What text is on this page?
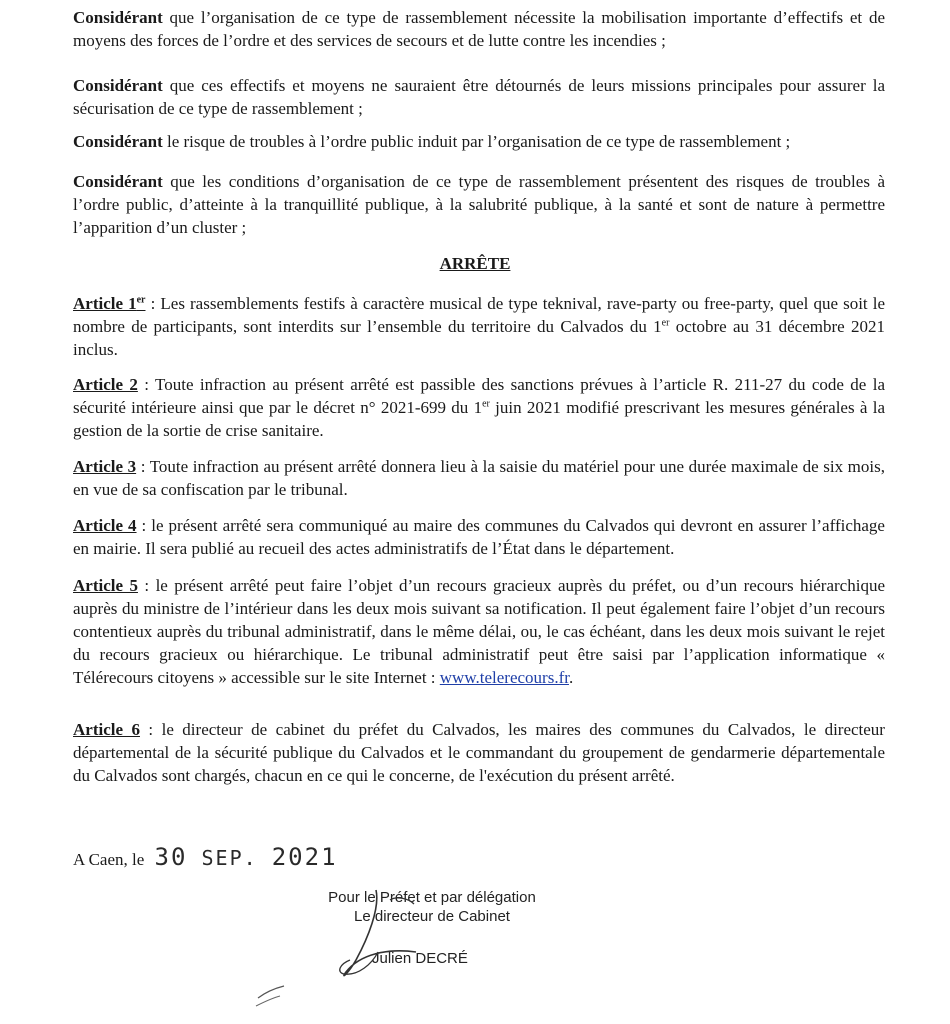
Considérant que l’organisation de ce type de rassemblement nécessite la mobilisation importante d’effectifs et de moyens des forces de l’ordre et des services de secours et de lutte contre les incendies ;

Considérant que ces effectifs et moyens ne sauraient être détournés de leurs missions principales pour assurer la sécurisation de ce type de rassemblement ;

Considérant le risque de troubles à l’ordre public induit par l’organisation de ce type de rassemblement ;

Considérant que les conditions d’organisation de ce type de rassemblement présentent des risques de troubles à l’ordre public, d’atteinte à la tranquillité publique, à la salubrité publique, à la santé et sont de nature à permettre l’apparition d’un cluster ;

ARRÊTE

Article 1er : Les rassemblements festifs à caractère musical de type teknival, rave-party ou free-party, quel que soit le nombre de participants, sont interdits sur l’ensemble du territoire du Calvados du 1er octobre au 31 décembre 2021 inclus.

Article 2 : Toute infraction au présent arrêté est passible des sanctions prévues à l’article R. 211-27 du code de la sécurité intérieure ainsi que par le décret n° 2021-699 du 1er juin 2021 modifié prescrivant les mesures générales à la gestion de la sortie de crise sanitaire.

Article 3 : Toute infraction au présent arrêté donnera lieu à la saisie du matériel pour une durée maximale de six mois, en vue de sa confiscation par le tribunal.

Article 4 : le présent arrêté sera communiqué au maire des communes du Calvados qui devront en assurer l’affichage en mairie. Il sera publié au recueil des actes administratifs de l’État dans le département.

Article 5 : le présent arrêté peut faire l’objet d’un recours gracieux auprès du préfet, ou d’un recours hiérarchique auprès du ministre de l’intérieur dans les deux mois suivant sa notification. Il peut également faire l’objet d’un recours contentieux auprès du tribunal administratif, dans le même délai, ou, le cas échéant, dans les deux mois suivant le rejet du recours gracieux ou hiérarchique. Le tribunal administratif peut être saisi par l’application informatique « Télérecours citoyens » accessible sur le site Internet : www.telerecours.fr.

Article 6 : le directeur de cabinet du préfet du Calvados, les maires des communes du Calvados, le directeur départemental de la sécurité publique du Calvados et le commandant du groupement de gendarmerie départementale du Calvados sont chargés, chacun en ce qui le concerne, de l'exécution du présent arrêté.

A Caen, le 30 SEP. 2021
Pour le Préfet et par délégation
Le directeur de Cabinet
Julien DECRÉ
